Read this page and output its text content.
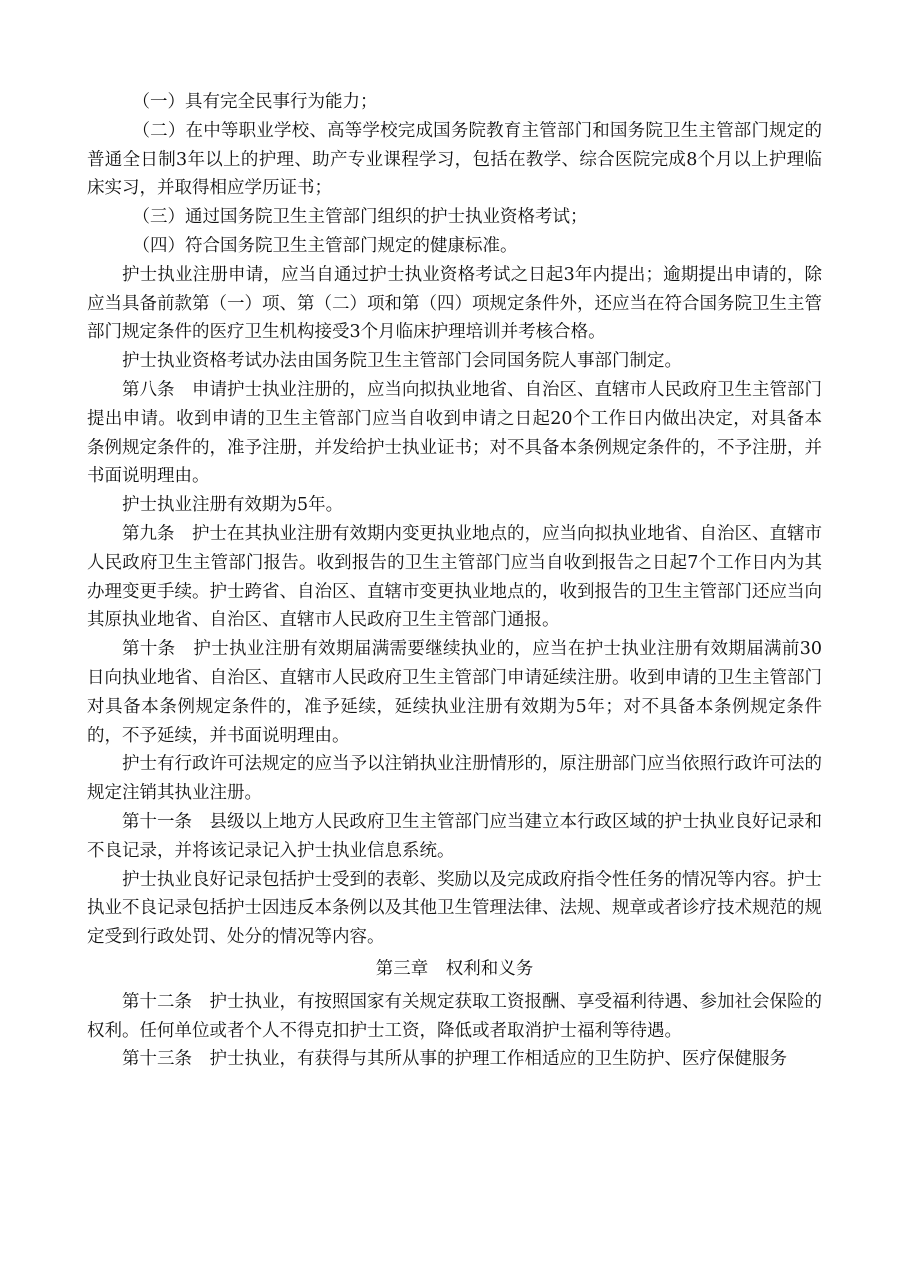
（一）具有完全民事行为能力；

（二）在中等职业学校、高等学校完成国务院教育主管部门和国务院卫生主管部门规定的普通全日制3年以上的护理、助产专业课程学习，包括在教学、综合医院完成8个月以上护理临床实习，并取得相应学历证书；

（三）通过国务院卫生主管部门组织的护士执业资格考试；

（四）符合国务院卫生主管部门规定的健康标准。

护士执业注册申请，应当自通过护士执业资格考试之日起3年内提出；逾期提出申请的，除应当具备前款第（一）项、第（二）项和第（四）项规定条件外，还应当在符合国务院卫生主管部门规定条件的医疗卫生机构接受3个月临床护理培训并考核合格。

护士执业资格考试办法由国务院卫生主管部门会同国务院人事部门制定。

第八条　申请护士执业注册的，应当向拟执业地省、自治区、直辖市人民政府卫生主管部门提出申请。收到申请的卫生主管部门应当自收到申请之日起20个工作日内做出决定，对具备本条例规定条件的，准予注册，并发给护士执业证书；对不具备本条例规定条件的，不予注册，并书面说明理由。

护士执业注册有效期为5年。

第九条　护士在其执业注册有效期内变更执业地点的，应当向拟执业地省、自治区、直辖市人民政府卫生主管部门报告。收到报告的卫生主管部门应当自收到报告之日起7个工作日内为其办理变更手续。护士跨省、自治区、直辖市变更执业地点的，收到报告的卫生主管部门还应当向其原执业地省、自治区、直辖市人民政府卫生主管部门通报。

第十条　护士执业注册有效期届满需要继续执业的，应当在护士执业注册有效期届满前30日向执业地省、自治区、直辖市人民政府卫生主管部门申请延续注册。收到申请的卫生主管部门对具备本条例规定条件的，准予延续，延续执业注册有效期为5年；对不具备本条例规定条件的，不予延续，并书面说明理由。

护士有行政许可法规定的应当予以注销执业注册情形的，原注册部门应当依照行政许可法的规定注销其执业注册。

第十一条　县级以上地方人民政府卫生主管部门应当建立本行政区域的护士执业良好记录和不良记录，并将该记录记入护士执业信息系统。

护士执业良好记录包括护士受到的表彰、奖励以及完成政府指令性任务的情况等内容。护士执业不良记录包括护士因违反本条例以及其他卫生管理法律、法规、规章或者诊疗技术规范的规定受到行政处罚、处分的情况等内容。

第三章　权利和义务

第十二条　护士执业，有按照国家有关规定获取工资报酬、享受福利待遇、参加社会保险的权利。任何单位或者个人不得克扣护士工资，降低或者取消护士福利等待遇。

第十三条　护士执业，有获得与其所从事的护理工作相适应的卫生防护、医疗保健服务
